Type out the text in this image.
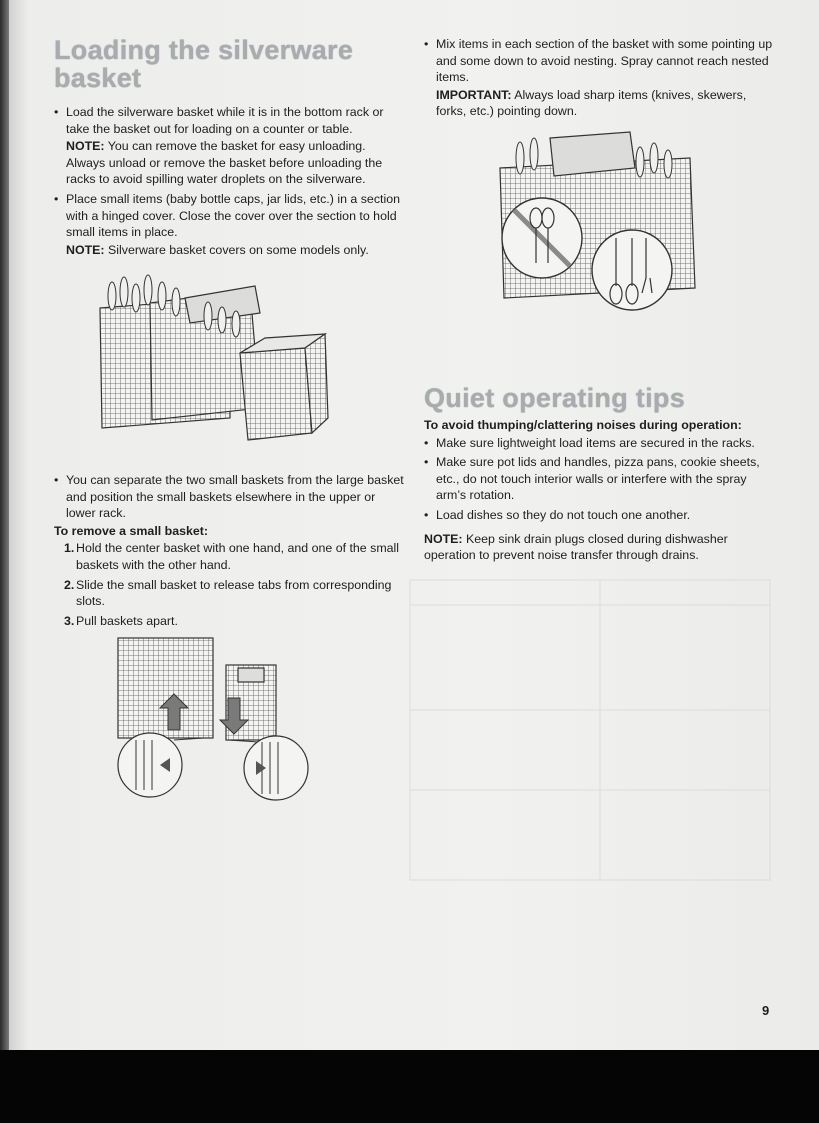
Loading the silverware basket
• Load the silverware basket while it is in the bottom rack or take the basket out for loading on a counter or table.
NOTE: You can remove the basket for easy unloading. Always unload or remove the basket before unloading the racks to avoid spilling water droplets on the silverware.
• Place small items (baby bottle caps, jar lids, etc.) in a section with a hinged cover. Close the cover over the section to hold small items in place.
NOTE: Silverware basket covers on some models only.
• You can separate the two small baskets from the large basket and position the small baskets elsewhere in the upper or lower rack.

To remove a small basket:

1. Hold the center basket with one hand, and one of the small baskets with the other hand.
2. Slide the small basket to release tabs from corresponding slots.
3. Pull baskets apart.
• Mix items in each section of the basket with some pointing up and some down to avoid nesting. Spray cannot reach nested items.
IMPORTANT: Always load sharp items (knives, skewers, forks, etc.) pointing down.
Quiet operating tips

To avoid thumping/clattering noises during operation:

• Make sure lightweight load items are secured in the racks.
• Make sure pot lids and handles, pizza pans, cookie sheets, etc., do not touch interior walls or interfere with the spray arm’s rotation.
• Load dishes so they do not touch one another.

NOTE: Keep sink drain plugs closed during dishwasher operation to prevent noise transfer through drains.

9
